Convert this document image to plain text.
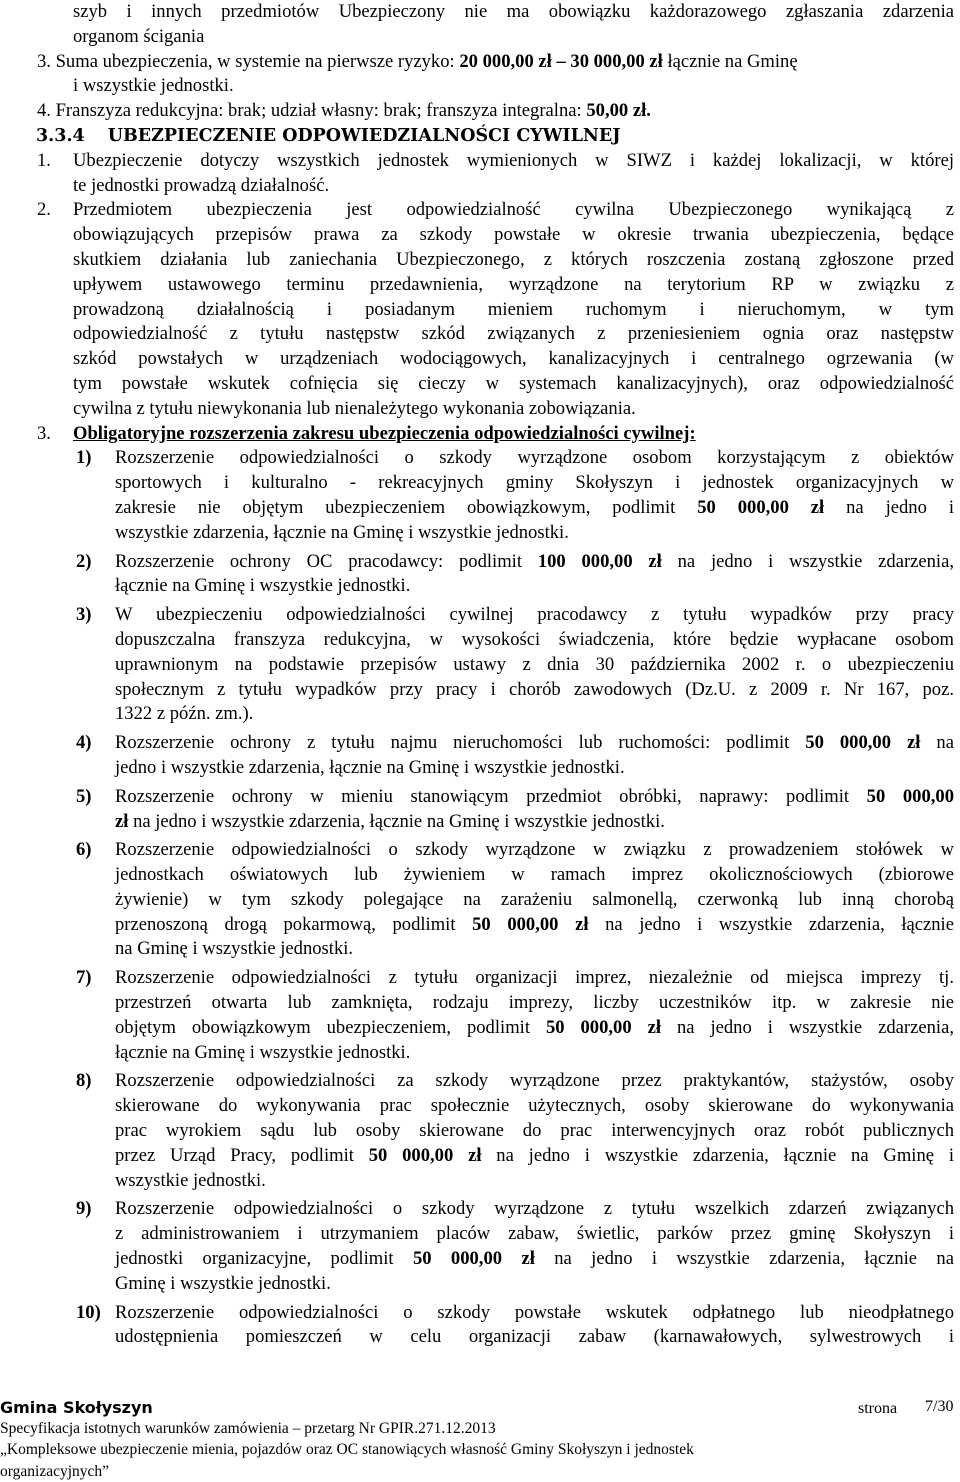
szyb i innych przedmiotów Ubezpieczony nie ma obowiązku każdorazowego zgłaszania zdarzenia
organom ścigania
3. Suma ubezpieczenia, w systemie na pierwsze ryzyko: 20 000,00 zł – 30 000,00 zł łącznie na Gminę
i wszystkie jednostki.
4. Franszyza redukcyjna: brak; udział własny: brak; franszyza integralna: 50,00 zł.
3.3.4 UBEZPIECZENIE ODPOWIEDZIALNOŚCI CYWILNEJ
1. Ubezpieczenie dotyczy wszystkich jednostek wymienionych w SIWZ i każdej lokalizacji, w której
te jednostki prowadzą działalność.
2. Przedmiotem ubezpieczenia jest odpowiedzialność cywilna Ubezpieczonego wynikającą z
obowiązujących przepisów prawa za szkody powstałe w okresie trwania ubezpieczenia, będące
skutkiem działania lub zaniechania Ubezpieczonego, z których roszczenia zostaną zgłoszone przed
upływem ustawowego terminu przedawnienia, wyrządzone na terytorium RP w związku z
prowadzoną działalnością i posiadanym mieniem ruchomym i nieruchomym, w tym
odpowiedzialność z tytułu następstw szkód związanych z przeniesieniem ognia oraz następstw
szkód powstałych w urządzeniach wodociągowych, kanalizacyjnych i centralnego ogrzewania (w
tym powstałe wskutek cofnięcia się cieczy w systemach kanalizacyjnych), oraz odpowiedzialność
cywilna z tytułu niewykonania lub nienależytego wykonania zobowiązania.
3. Obligatoryjne rozszerzenia zakresu ubezpieczenia odpowiedzialności cywilnej:
1) Rozszerzenie odpowiedzialności o szkody wyrządzone osobom korzystającym z obiektów
sportowych i kulturalno - rekreacyjnych gminy Skołyszyn i jednostek organizacyjnych w
zakresie nie objętym ubezpieczeniem obowiązkowym, podlimit 50 000,00 zł na jedno i
wszystkie zdarzenia, łącznie na Gminę i wszystkie jednostki.
2) Rozszerzenie ochrony OC pracodawcy: podlimit 100 000,00 zł na jedno i wszystkie zdarzenia,
łącznie na Gminę i wszystkie jednostki.
3) W ubezpieczeniu odpowiedzialności cywilnej pracodawcy z tytułu wypadków przy pracy
dopuszczalna franszyza redukcyjna, w wysokości świadczenia, które będzie wypłacane osobom
uprawnionym na podstawie przepisów ustawy z dnia 30 października 2002 r. o ubezpieczeniu
społecznym z tytułu wypadków przy pracy i chorób zawodowych (Dz.U. z 2009 r. Nr 167, poz.
1322 z późn. zm.).
4) Rozszerzenie ochrony z tytułu najmu nieruchomości lub ruchomości: podlimit 50 000,00 zł na
jedno i wszystkie zdarzenia, łącznie na Gminę i wszystkie jednostki.
5) Rozszerzenie ochrony w mieniu stanowiącym przedmiot obróbki, naprawy: podlimit 50 000,00
zł na jedno i wszystkie zdarzenia, łącznie na Gminę i wszystkie jednostki.
6) Rozszerzenie odpowiedzialności o szkody wyrządzone w związku z prowadzeniem stołówek w
jednostkach oświatowych lub żywieniem w ramach imprez okolicznościowych (zbiorowe
żywienie) w tym szkody polegające na zarażeniu salmonellą, czerwonką lub inną chorobą
przenoszoną drogą pokarmową, podlimit 50 000,00 zł na jedno i wszystkie zdarzenia, łącznie
na Gminę i wszystkie jednostki.
7) Rozszerzenie odpowiedzialności z tytułu organizacji imprez, niezależnie od miejsca imprezy tj.
przestrzeń otwarta lub zamknięta, rodzaju imprezy, liczby uczestników itp. w zakresie nie
objętym obowiązkowym ubezpieczeniem, podlimit 50 000,00 zł na jedno i wszystkie zdarzenia,
łącznie na Gminę i wszystkie jednostki.
8) Rozszerzenie odpowiedzialności za szkody wyrządzone przez praktykantów, stażystów, osoby
skierowane do wykonywania prac społecznie użytecznych, osoby skierowane do wykonywania
prac wyrokiem sądu lub osoby skierowane do prac interwencyjnych oraz robót publicznych
przez Urząd Pracy, podlimit 50 000,00 zł na jedno i wszystkie zdarzenia, łącznie na Gminę i
wszystkie jednostki.
9) Rozszerzenie odpowiedzialności o szkody wyrządzone z tytułu wszelkich zdarzeń związanych
z administrowaniem i utrzymaniem placów zabaw, świetlic, parków przez gminę Skołyszyn i
jednostki organizacyjne, podlimit 50 000,00 zł na jedno i wszystkie zdarzenia, łącznie na
Gminę i wszystkie jednostki.
10) Rozszerzenie odpowiedzialności o szkody powstałe wskutek odpłatnego lub nieodpłatnego
udostępnienia pomieszczeń w celu organizacji zabaw (karnawałowych, sylwestrowych i
Gmina Skołyszyn	strona 7/30
Specyfikacja istotnych warunków zamówienia – przetarg Nr GPIR.271.12.2013
„Kompleksowe ubezpieczenie mienia, pojazdów oraz OC stanowiących własność Gminy Skołyszyn i jednostek
organizacyjnych”
